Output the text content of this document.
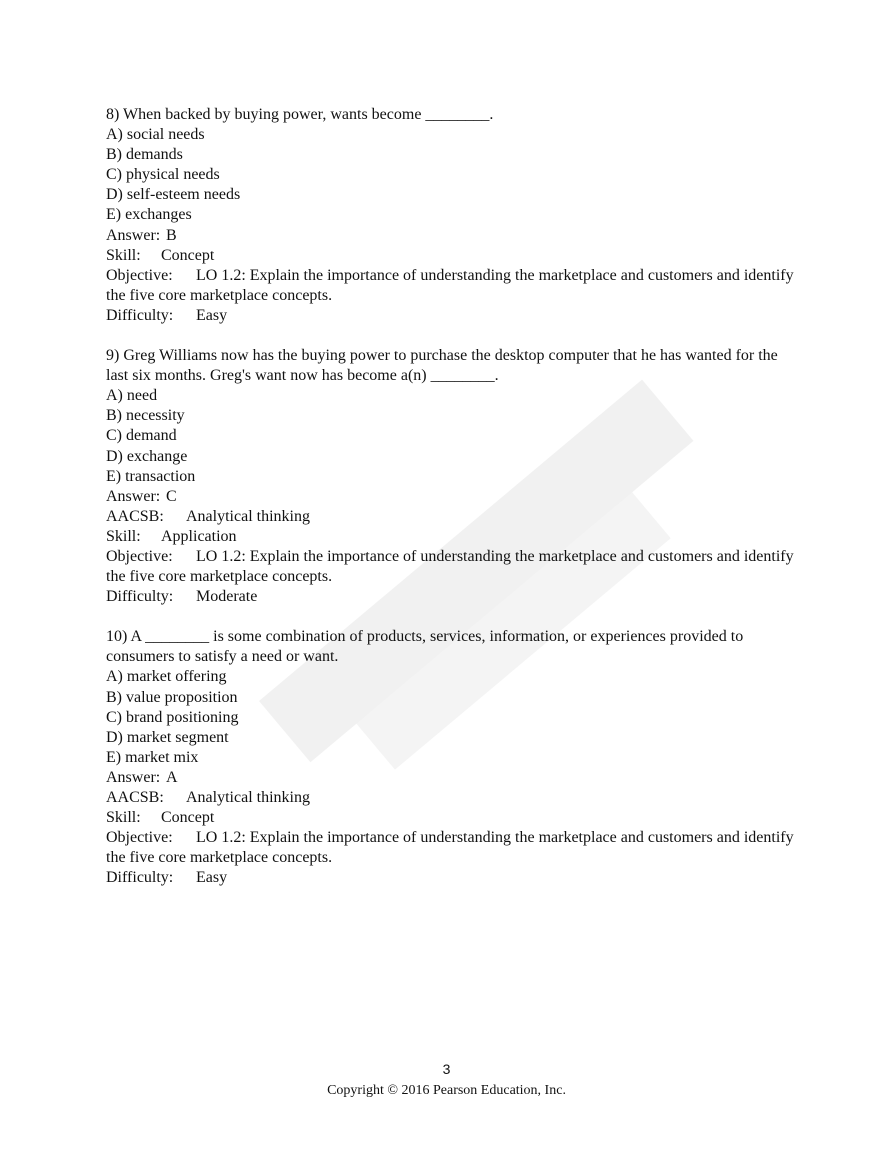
8) When backed by buying power, wants become ________.
A) social needs
B) demands
C) physical needs
D) self-esteem needs
E) exchanges
Answer: B
Skill: Concept
Objective: LO 1.2: Explain the importance of understanding the marketplace and customers and identify the five core marketplace concepts.
Difficulty: Easy
9) Greg Williams now has the buying power to purchase the desktop computer that he has wanted for the last six months. Greg's want now has become a(n) ________.
A) need
B) necessity
C) demand
D) exchange
E) transaction
Answer: C
AACSB: Analytical thinking
Skill: Application
Objective: LO 1.2: Explain the importance of understanding the marketplace and customers and identify the five core marketplace concepts.
Difficulty: Moderate
10) A ________ is some combination of products, services, information, or experiences provided to consumers to satisfy a need or want.
A) market offering
B) value proposition
C) brand positioning
D) market segment
E) market mix
Answer: A
AACSB: Analytical thinking
Skill: Concept
Objective: LO 1.2: Explain the importance of understanding the marketplace and customers and identify the five core marketplace concepts.
Difficulty: Easy
3
Copyright © 2016 Pearson Education, Inc.
